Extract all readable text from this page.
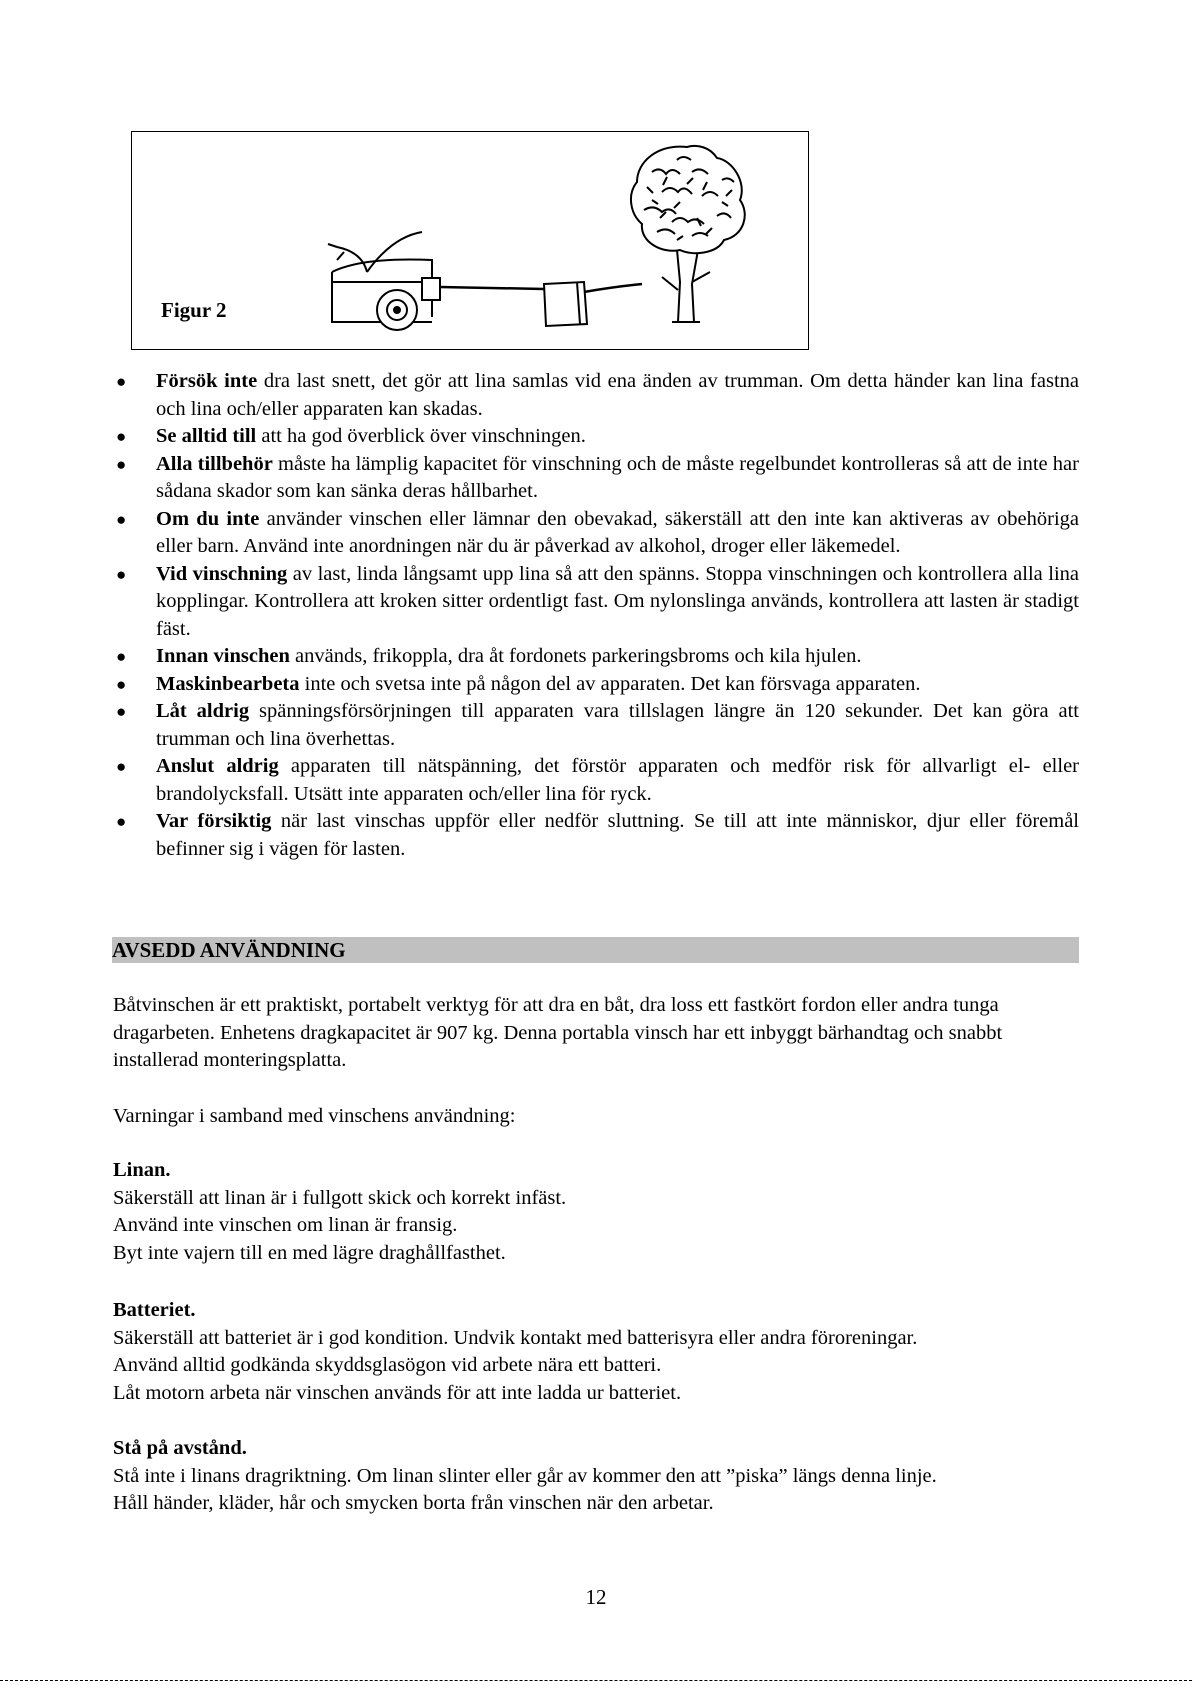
Figur 2
● Försök inte dra last snett, det gör att lina samlas vid ena änden av trumman. Om detta händer kan lina fastna och lina och/eller apparaten kan skadas.
● Se alltid till att ha god överblick över vinschningen.
● Alla tillbehör måste ha lämplig kapacitet för vinschning och de måste regelbundet kontrolleras så att de inte har sådana skador som kan sänka deras hållbarhet.
● Om du inte använder vinschen eller lämnar den obevakad, säkerställ att den inte kan aktiveras av obehöriga eller barn. Använd inte anordningen när du är påverkad av alkohol, droger eller läkemedel.
● Vid vinschning av last, linda långsamt upp lina så att den spänns. Stoppa vinschningen och kontrollera alla lina kopplingar. Kontrollera att kroken sitter ordentligt fast. Om nylonslinga används, kontrollera att lasten är stadigt fäst.
● Innan vinschen används, frikoppla, dra åt fordonets parkeringsbroms och kila hjulen.
● Maskinbearbeta inte och svetsa inte på någon del av apparaten. Det kan försvaga apparaten.
● Låt aldrig spänningsförsörjningen till apparaten vara tillslagen längre än 120 sekunder. Det kan göra att trumman och lina överhettas.
● Anslut aldrig apparaten till nätspänning, det förstör apparaten och medför risk för allvarligt el- eller brandolycksfall. Utsätt inte apparaten och/eller lina för ryck.
● Var försiktig när last vinschas uppför eller nedför sluttning. Se till att inte människor, djur eller föremål befinner sig i vägen för lasten.
AVSEDD ANVÄNDNING

Båtvinschen är ett praktiskt, portabelt verktyg för att dra en båt, dra loss ett fastkört fordon eller andra tunga dragarbeten. Enhetens dragkapacitet är 907 kg. Denna portabla vinsch har ett inbyggt bärhandtag och snabbt installerad monteringsplatta.

Varningar i samband med vinschens användning:

Linan.

Säkerställ att linan är i fullgott skick och korrekt infäst.

Använd inte vinschen om linan är fransig.

Byt inte vajern till en med lägre draghållfasthet.

Batteriet.

Säkerställ att batteriet är i god kondition. Undvik kontakt med batterisyra eller andra föroreningar.

Använd alltid godkända skyddsglasögon vid arbete nära ett batteri.

Låt motorn arbeta när vinschen används för att inte ladda ur batteriet.

Stå på avstånd.

Stå inte i linans dragriktning. Om linan slinter eller går av kommer den att ”piska” längs denna linje.

Håll händer, kläder, hår och smycken borta från vinschen när den arbetar.

12
